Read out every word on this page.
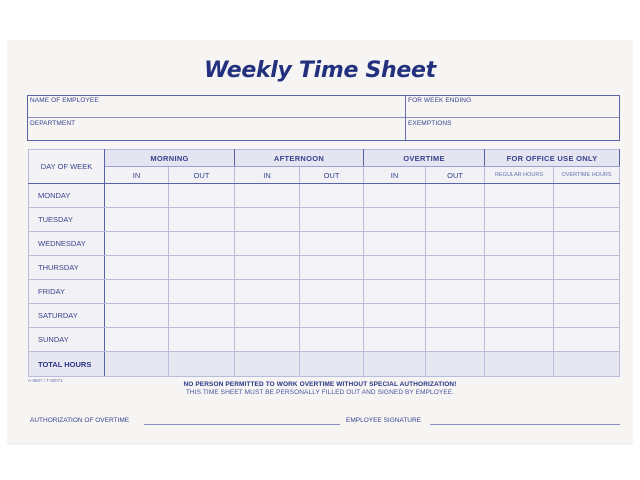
Weekly Time Sheet
NAME OF EMPLOYEE	FOR WEEK ENDING
DEPARTMENT	EXEMPTIONS
DAY OF WEEK	MORNING		AFTERNOON		OVERTIME		FOR OFFICE USE ONLY	
	IN	OUT	IN	OUT	IN	OUT	REGULAR HOURS	OVERTIME HOURS
MONDAY								
TUESDAY								
WEDNESDAY								
THURSDAY								
FRIDAY								
SATURDAY								
SUNDAY								
TOTAL HOURS								
A-9507 / T-30071
NO PERSON PERMITTED TO WORK OVERTIME WITHOUT SPECIAL AUTHORIZATION!
THIS TIME SHEET MUST BE PERSONALLY FILLED OUT AND SIGNED BY EMPLOYEE.
AUTHORIZATION OF OVERTIME	EMPLOYEE SIGNATURE
